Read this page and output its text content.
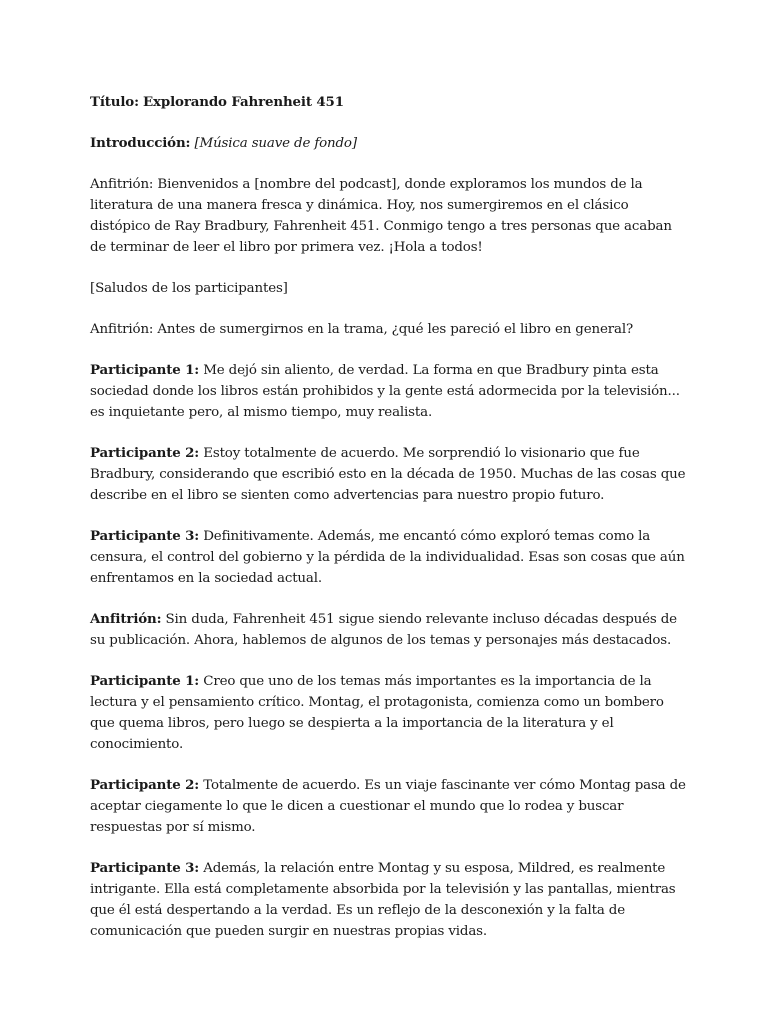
Título: Explorando Fahrenheit 451

Introducción: [Música suave de fondo]

Anfitrión: Bienvenidos a [nombre del podcast], donde exploramos los mundos de la literatura de una manera fresca y dinámica. Hoy, nos sumergiremos en el clásico distópico de Ray Bradbury, Fahrenheit 451. Conmigo tengo a tres personas que acaban de terminar de leer el libro por primera vez. ¡Hola a todos!

[Saludos de los participantes]

Anfitrión: Antes de sumergirnos en la trama, ¿qué les pareció el libro en general?

Participante 1: Me dejó sin aliento, de verdad. La forma en que Bradbury pinta esta sociedad donde los libros están prohibidos y la gente está adormecida por la televisión... es inquietante pero, al mismo tiempo, muy realista.

Participante 2: Estoy totalmente de acuerdo. Me sorprendió lo visionario que fue Bradbury, considerando que escribió esto en la década de 1950. Muchas de las cosas que describe en el libro se sienten como advertencias para nuestro propio futuro.

Participante 3: Definitivamente. Además, me encantó cómo exploró temas como la censura, el control del gobierno y la pérdida de la individualidad. Esas son cosas que aún enfrentamos en la sociedad actual.

Anfitrión: Sin duda, Fahrenheit 451 sigue siendo relevante incluso décadas después de su publicación. Ahora, hablemos de algunos de los temas y personajes más destacados.

Participante 1: Creo que uno de los temas más importantes es la importancia de la lectura y el pensamiento crítico. Montag, el protagonista, comienza como un bombero que quema libros, pero luego se despierta a la importancia de la literatura y el conocimiento.

Participante 2: Totalmente de acuerdo. Es un viaje fascinante ver cómo Montag pasa de aceptar ciegamente lo que le dicen a cuestionar el mundo que lo rodea y buscar respuestas por sí mismo.

Participante 3: Además, la relación entre Montag y su esposa, Mildred, es realmente intrigante. Ella está completamente absorbida por la televisión y las pantallas, mientras que él está despertando a la verdad. Es un reflejo de la desconexión y la falta de comunicación que pueden surgir en nuestras propias vidas.
